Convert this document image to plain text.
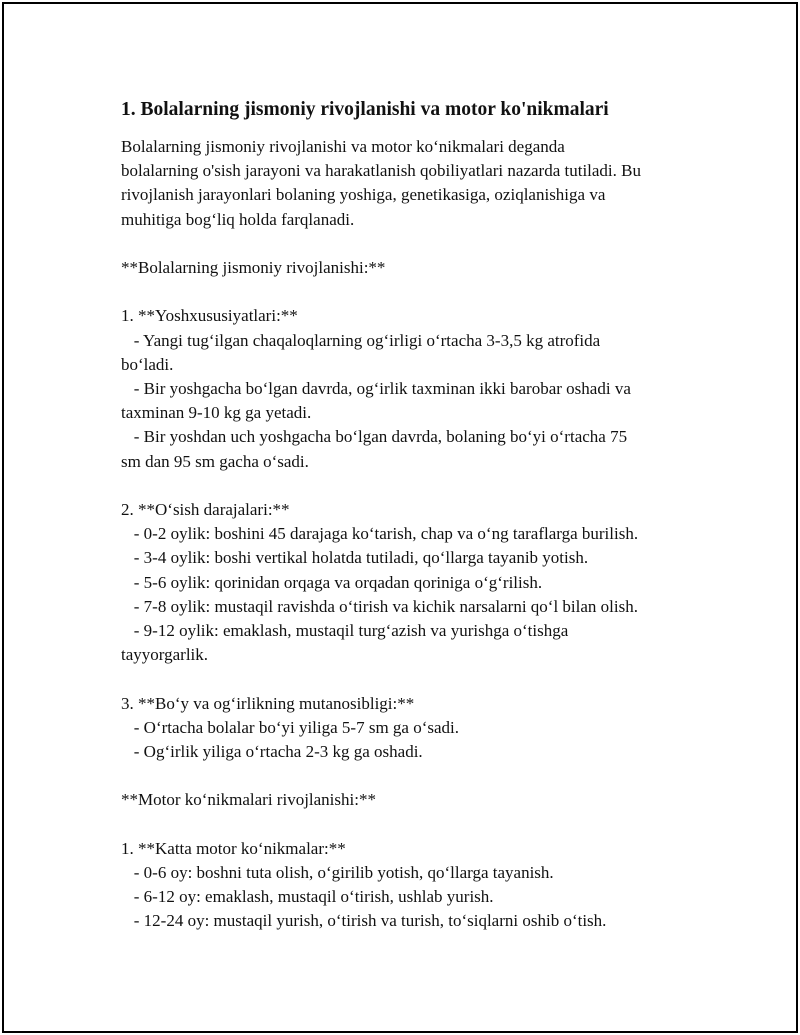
1. Bolalarning jismoniy rivojlanishi va motor ko'nikmalari
Bolalarning jismoniy rivojlanishi va motor ko‘nikmalari deganda
bolalarning o'sish jarayoni va harakatlanish qobiliyatlari nazarda tutiladi. Bu
rivojlanish jarayonlari bolaning yoshiga, genetikasiga, oziqlanishiga va
muhitiga bog‘liq holda farqlanadi.
**Bolalarning jismoniy rivojlanishi:**
1. **Yoshxususiyatlari:**
- Yangi tug‘ilgan chaqaloqlarning og‘irligi o‘rtacha 3-3,5 kg atrofida
bo‘ladi.
- Bir yoshgacha bo‘lgan davrda, og‘irlik taxminan ikki barobar oshadi va
taxminan 9-10 kg ga yetadi.
- Bir yoshdan uch yoshgacha bo‘lgan davrda, bolaning bo‘yi o‘rtacha 75
sm dan 95 sm gacha o‘sadi.
2. **O‘sish darajalari:**
- 0-2 oylik: boshini 45 darajaga ko‘tarish, chap va o‘ng taraflarga burilish.
- 3-4 oylik: boshi vertikal holatda tutiladi, qo‘llarga tayanib yotish.
- 5-6 oylik: qorinidan orqaga va orqadan qoriniga o‘g‘rilish.
- 7-8 oylik: mustaqil ravishda o‘tirish va kichik narsalarni qo‘l bilan olish.
- 9-12 oylik: emaklash, mustaqil turg‘azish va yurishga o‘tishga
tayyorgarlik.
3. **Bo‘y va og‘irlikning mutanosibligi:**
- O‘rtacha bolalar bo‘yi yiliga 5-7 sm ga o‘sadi.
- Og‘irlik yiliga o‘rtacha 2-3 kg ga oshadi.
**Motor ko‘nikmalari rivojlanishi:**
1. **Katta motor ko‘nikmalar:**
- 0-6 oy: boshni tuta olish, o‘girilib yotish, qo‘llarga tayanish.
- 6-12 oy: emaklash, mustaqil o‘tirish, ushlab yurish.
- 12-24 oy: mustaqil yurish, o‘tirish va turish, to‘siqlarni oshib o‘tish.
